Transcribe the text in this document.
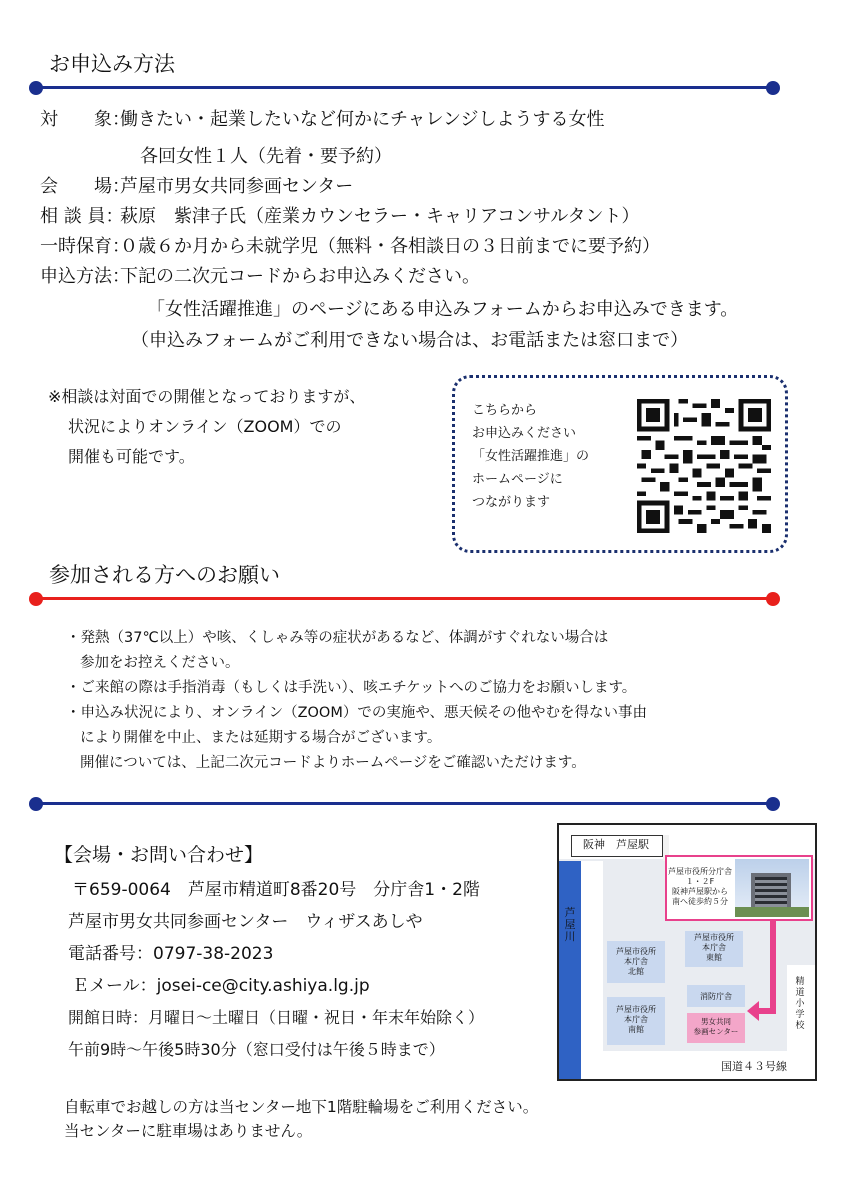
お申込み方法
対　　象：働きたい・起業したいなど何かにチャレンジしようする女性
各回女性１人（先着・要予約）
会　　場：芦屋市男女共同参画センター
相 談 員：萩原　紫津子氏（産業カウンセラー・キャリアコンサルタント）
一時保育：０歳６か月から未就学児（無料・各相談日の３日前までに要予約）
申込方法：下記の二次元コードからお申込みください。
「女性活躍推進」のページにある申込みフォームからお申込みできます。
（申込みフォームがご利用できない場合は、お電話または窓口まで）
※相談は対面での開催となっておりますが、
状況によりオンライン（ZOOM）での
開催も可能です。
こちらから
お申込みください
「女性活躍推進」の
ホームページに
つながります
参加される方へのお願い
・発熱（37℃以上）や咳、くしゃみ等の症状があるなど、体調がすぐれない場合は
参加をお控えください。
・ご来館の際は手指消毒（もしくは手洗い）、咳エチケットへのご協力をお願いします。
・申込み状況により、オンライン（ZOOM）での実施や、悪天候その他やむを得ない事由
により開催を中止、または延期する場合がございます。
開催については、上記二次元コードよりホームページをご確認いただけます。
【会場・お問い合わせ】
〒659-0064　芦屋市精道町8番20号　分庁舎1・2階
芦屋市男女共同参画センター　ウィザスあしや
電話番号：0797-38-2023
Ｅメール：josei-ce@city.ashiya.lg.jp
開館日時：月曜日～土曜日（日曜・祝日・年末年始除く）
午前9時～午後5時30分（窓口受付は午後５時まで）
自転車でお越しの方は当センター地下1階駐輪場をご利用ください。
当センターに駐車場はありません。
阪神　芦屋駅
芦屋川
芦屋市役所分庁舎
１・２F
阪神芦屋駅から
南へ徒歩約５分
芦屋市役所
本庁舎
東館
芦屋市役所
本庁舎
北館
芦屋市役所
本庁舎
南館
消防庁舎
男女共同
参画センター
精道小学校
国道４３号線
